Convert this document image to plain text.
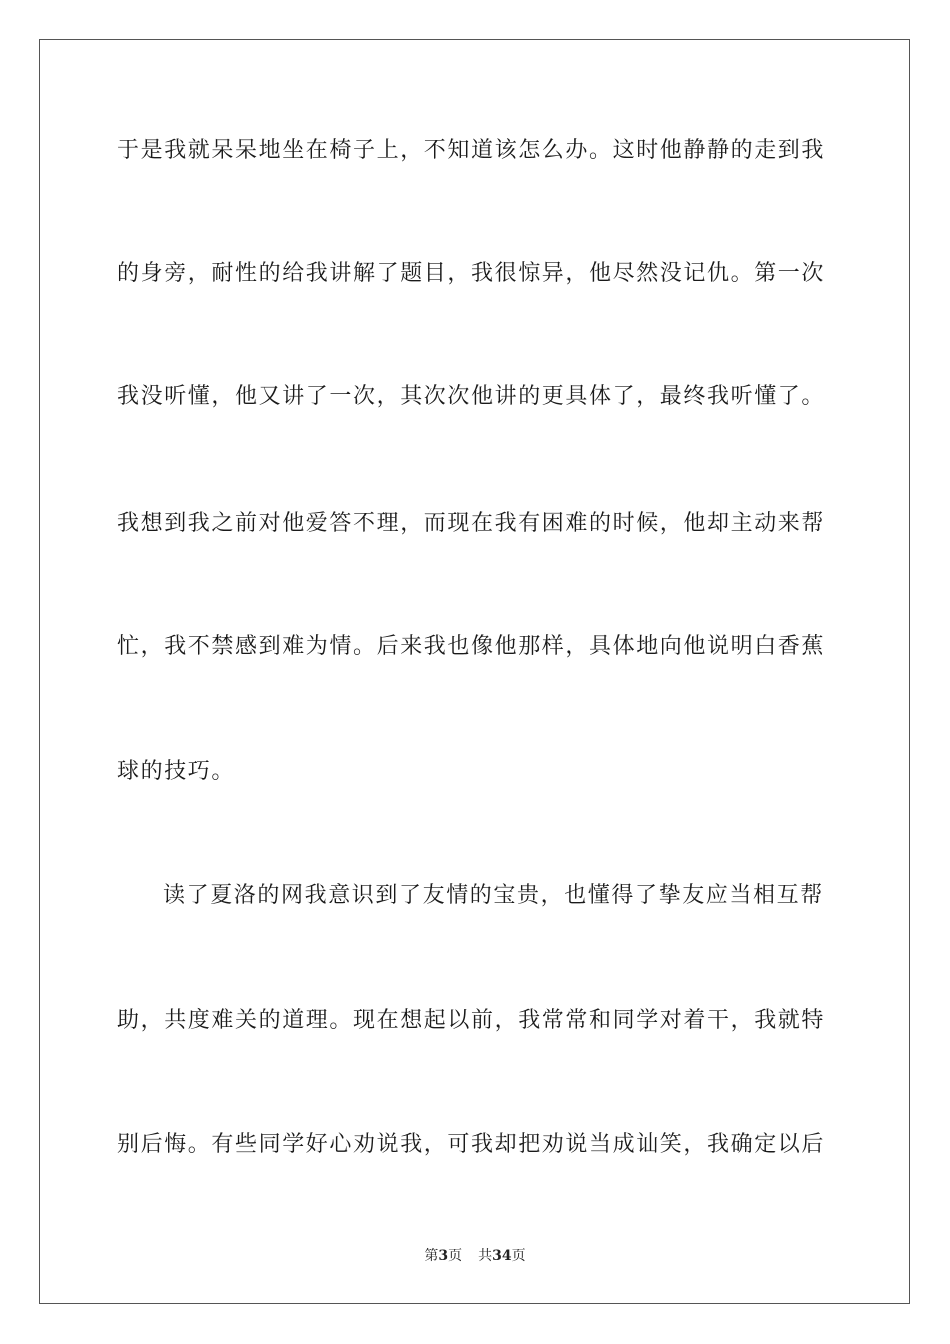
于是我就呆呆地坐在椅子上，不知道该怎么办。这时他静静的走到我
的身旁，耐性的给我讲解了题目，我很惊异，他尽然没记仇。第一次
我没听懂，他又讲了一次，其次次他讲的更具体了，最终我听懂了。
我想到我之前对他爱答不理，而现在我有困难的时候，他却主动来帮
忙，我不禁感到难为情。后来我也像他那样，具体地向他说明白香蕉
球的技巧。
读了夏洛的网我意识到了友情的宝贵，也懂得了挚友应当相互帮
助，共度难关的道理。现在想起以前，我常常和同学对着干，我就特
别后悔。有些同学好心劝说我，可我却把劝说当成讪笑，我确定以后
第3页 共34页
